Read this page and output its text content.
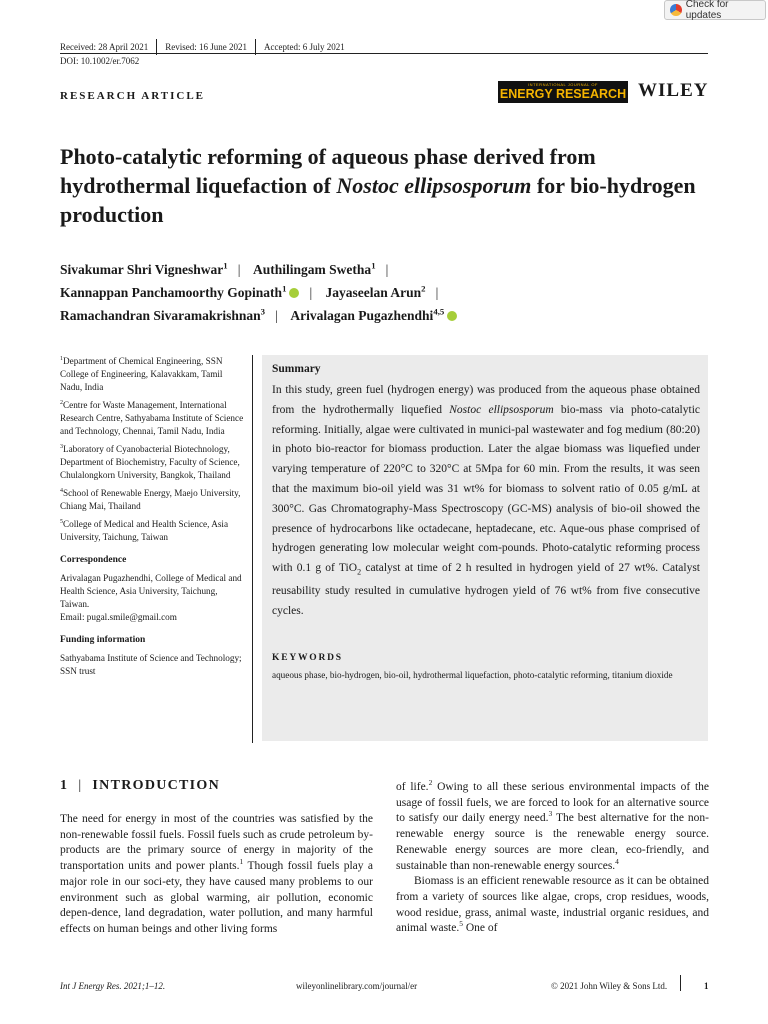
Check for updates
Received: 28 April 2021 Revised: 16 June 2021 Accepted: 6 July 2021
DOI: 10.1002/er.7062
RESEARCH ARTICLE
INTERNATIONAL JOURNAL OF
ENERGY RESEARCH WILEY
Photo-catalytic reforming of aqueous phase derived from hydrothermal liquefaction of Nostoc ellipsosporum for bio-hydrogen production
Sivakumar Shri Vigneshwar$^1$ | Authilingam Swetha$^1$ |
Kannappan Panchamoorthy Gopinath$^1$ | Jayaseelan Arun$^2$ |
Ramachandran Sivaramakrishnan$^3$ | Arivalagan Pugazhendhi$^{4,5}$

$^1$Department of Chemical Engineering, SSN College of Engineering, Kalavakkam, Tamil Nadu, India

$^2$Centre for Waste Management, International Research Centre, Sathyabama Institute of Science and Technology, Chennai, Tamil Nadu, India

$^3$Laboratory of Cyanobacterial Biotechnology, Department of Biochemistry, Faculty of Science, Chulalongkorn University, Bangkok, Thailand

$^4$School of Renewable Energy, Maejo University, Chiang Mai, Thailand

$^5$College of Medical and Health Science, Asia University, Taichung, Taiwan

Correspondence

Arivalagan Pugazhendhi, College of Medical and Health Science, Asia University, Taichung, Taiwan.

Email: pugal.smile@gmail.com

Funding information

Sathyabama Institute of Science and Technology; SSN trust

Summary
In this study, green fuel (hydrogen energy) was produced from the aqueous phase obtained from the hydrothermally liquefied Nostoc ellipsosporum bio-mass via photo-catalytic reforming. Initially, algae were cultivated in munici-pal wastewater and fog medium (80:20) in photo bio-reactor for biomass production. Later the algae biomass was liquefied under varying temperature of 220°C to 320°C at 5Mpa for 60 min. From the results, it was seen that the maximum bio-oil yield was 31 wt% for biomass to solvent ratio of 0.05 g/mL at 300°C. Gas Chromatography-Mass Spectroscopy (GC-MS) analysis of bio-oil showed the presence of hydrocarbons like octadecane, heptadecane, etc. Aque-ous phase comprised of hydrogen generating low molecular weight com-pounds. Photo-catalytic reforming process with 0.1 g of TiO$_2$ catalyst at time of 2 h resulted in hydrogen yield of 27 wt%. Catalyst reusability study resulted in cumulative hydrogen yield of 76 wt% from five consecutive cycles.
KEYWORDS
aqueous phase, bio-hydrogen, bio-oil, hydrothermal liquefaction, photo-catalytic reforming, titanium dioxide
1 | INTRODUCTION
The need for energy in most of the countries was satisfied by the non-renewable fossil fuels. Fossil fuels such as crude petroleum by-products are the primary source of energy in majority of the transportation units and power plants.$^1$ Though fossil fuels play a major role in our soci-ety, they have caused many problems to our environment such as global warming, air pollution, economic depen-dence, land degradation, water pollution, and many harmful effects on human beings and other living forms

of life.$^2$ Owing to all these serious environmental impacts of the usage of fossil fuels, we are forced to look for an alternative source to satisfy our daily energy need.$^3$ The best alternative for the non-renewable energy source is the renewable energy source. Renewable energy sources are more clean, eco-friendly, and sustainable than non-renewable energy sources.$^4$

Biomass is an efficient renewable resource as it can be obtained from a variety of sources like algae, crops, crop residues, woods, wood residue, grass, animal waste, industrial organic residues, and animal waste.$^5$ One of

Int J Energy Res. 2021;1–12.	wileyonlinelibrary.com/journal/er	© 2021 John Wiley & Sons Ltd.	1
